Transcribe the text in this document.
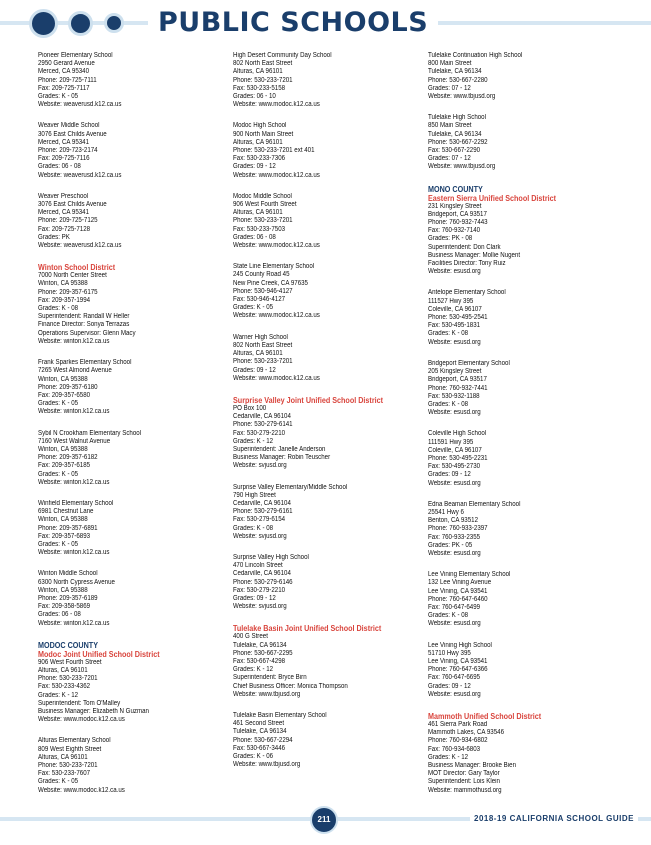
PUBLIC SCHOOLS
Pioneer Elementary School
2950 Gerard Avenue
Merced, CA 95340
Phone: 209-725-7111
Fax: 209-725-7117
Grades: K - 05
Website: weaverusd.k12.ca.us
Weaver Middle School
3076 East Childs Avenue
Merced, CA 95341
Phone: 209-723-2174
Fax: 209-725-7116
Grades: 06 - 08
Website: weaverusd.k12.ca.us
Weaver Preschool
3076 East Childs Avenue
Merced, CA 95341
Phone: 209-725-7125
Fax: 209-725-7128
Grades: PK
Website: weaverusd.k12.ca.us
Winton School District
7000 North Center Street
Winton, CA 95388
Phone: 209-357-6175
Fax: 209-357-1994
Grades: K - 08
Superintendent: Randall W Heller
Finance Director: Sonya Terrazas
Operations Supervisor: Glenn Macy
Website: winton.k12.ca.us
Frank Sparkes Elementary School
7265 West Almond Avenue
Winton, CA 95388
Phone: 209-357-6180
Fax: 209-357-6580
Grades: K - 05
Website: winton.k12.ca.us
Sybil N Crookham Elementary School
7160 West Walnut Avenue
Winton, CA 95388
Phone: 209-357-6182
Fax: 209-357-6185
Grades: K - 05
Website: winton.k12.ca.us
Winfield Elementary School
6981 Chestnut Lane
Winton, CA 95388
Phone: 209-357-6891
Fax: 209-357-6893
Grades: K - 05
Website: winton.k12.ca.us
Winton Middle School
6300 North Cypress Avenue
Winton, CA 95388
Phone: 209-357-6189
Fax: 209-358-5869
Grades: 06 - 08
Website: winton.k12.ca.us
MODOC COUNTY
Modoc Joint Unified School District
906 West Fourth Street
Alturas, CA 96101
Phone: 530-233-7201
Fax: 530-233-4362
Grades: K - 12
Superintendent: Tom O'Malley
Business Manager: Elizabeth N Guzman
Website: www.modoc.k12.ca.us
Alturas Elementary School
809 West Eighth Street
Alturas, CA 96101
Phone: 530-233-7201
Fax: 530-233-7607
Grades: K - 05
Website: www.modoc.k12.ca.us
High Desert Community Day School
802 North East Street
Alturas, CA 96101
Phone: 530-233-7201
Fax: 530-233-5158
Grades: 06 - 10
Website: www.modoc.k12.ca.us
Modoc High School
900 North Main Street
Alturas, CA 96101
Phone: 530-233-7201 ext 401
Fax: 530-233-7306
Grades: 09 - 12
Website: www.modoc.k12.ca.us
Modoc Middle School
906 West Fourth Street
Alturas, CA 96101
Phone: 530-233-7201
Fax: 530-233-7503
Grades: 06 - 08
Website: www.modoc.k12.ca.us
State Line Elementary School
245 County Road 45
New Pine Creek, CA 97635
Phone: 530-946-4127
Fax: 530-946-4127
Grades: K - 05
Website: www.modoc.k12.ca.us
Warner High School
802 North East Street
Alturas, CA 96101
Phone: 530-233-7201
Grades: 09 - 12
Website: www.modoc.k12.ca.us
Surprise Valley Joint Unified School District
PO Box 100
Cedarville, CA 96104
Phone: 530-279-6141
Fax: 530-279-2210
Grades: K - 12
Superintendent: Janelle Anderson
Business Manager: Robin Teuscher
Website: svjusd.org
Surprise Valley Elementary/Middle School
790 High Street
Cedarville, CA 96104
Phone: 530-279-6161
Fax: 530-279-6154
Grades: K - 08
Website: svjusd.org
Surprise Valley High School
470 Lincoln Street
Cedarville, CA 96104
Phone: 530-279-6146
Fax: 530-279-2210
Grades: 09 - 12
Website: svjusd.org
Tulelake Basin Joint Unified School District
400 G Street
Tulelake, CA 96134
Phone: 530-667-2295
Fax: 530-667-4298
Grades: K - 12
Superintendent: Bryce Birn
Chief Business Officer: Monica Thompson
Website: www.tbjusd.org
Tulelake Basin Elementary School
461 Second Street
Tulelake, CA 96134
Phone: 530-667-2294
Fax: 530-667-3446
Grades: K - 06
Website: www.tbjusd.org
Tulelake Continuation High School
800 Main Street
Tulelake, CA 96134
Phone: 530-667-2280
Grades: 07 - 12
Website: www.tbjusd.org
Tulelake High School
850 Main Street
Tulelake, CA 96134
Phone: 530-667-2292
Fax: 530-667-2290
Grades: 07 - 12
Website: www.tbjusd.org
MONO COUNTY
Eastern Sierra Unified School District
231 Kingsley Street
Bridgeport, CA 93517
Phone: 760-932-7443
Fax: 760-932-7140
Grades: PK - 08
Superintendent: Don Clark
Business Manager: Mollie Nugent
Facilities Director: Tony Ruiz
Website: esusd.org
Antelope Elementary School
111527 Hwy 395
Coleville, CA 96107
Phone: 530-495-2541
Fax: 530-495-1831
Grades: K - 08
Website: esusd.org
Bridgeport Elementary School
205 Kingsley Street
Bridgeport, CA 93517
Phone: 760-932-7441
Fax: 530-932-1188
Grades: K - 08
Website: esusd.org
Coleville High School
111591 Hwy 395
Coleville, CA 96107
Phone: 530-495-2231
Fax: 530-495-2730
Grades: 09 - 12
Website: esusd.org
Edna Beaman Elementary School
25541 Hwy 6
Benton, CA 93512
Phone: 760-933-2397
Fax: 760-933-2355
Grades: PK - 05
Website: esusd.org
Lee Vining Elementary School
132 Lee Vining Avenue
Lee Vining, CA 93541
Phone: 760-647-6460
Fax: 760-647-6499
Grades: K - 08
Website: esusd.org
Lee Vining High School
51710 Hwy 395
Lee Vining, CA 93541
Phone: 760-647-6366
Fax: 760-647-6695
Grades: 09 - 12
Website: esusd.org
Mammoth Unified School District
461 Sierra Park Road
Mammoth Lakes, CA 93546
Phone: 760-934-6802
Fax: 760-934-6803
Grades: K - 12
Business Manager: Brooke Bien
MOT Director: Gary Taylor
Superintendent: Lois Klein
Website: mammothusd.org
211	2018-19 CALIFORNIA SCHOOL GUIDE
